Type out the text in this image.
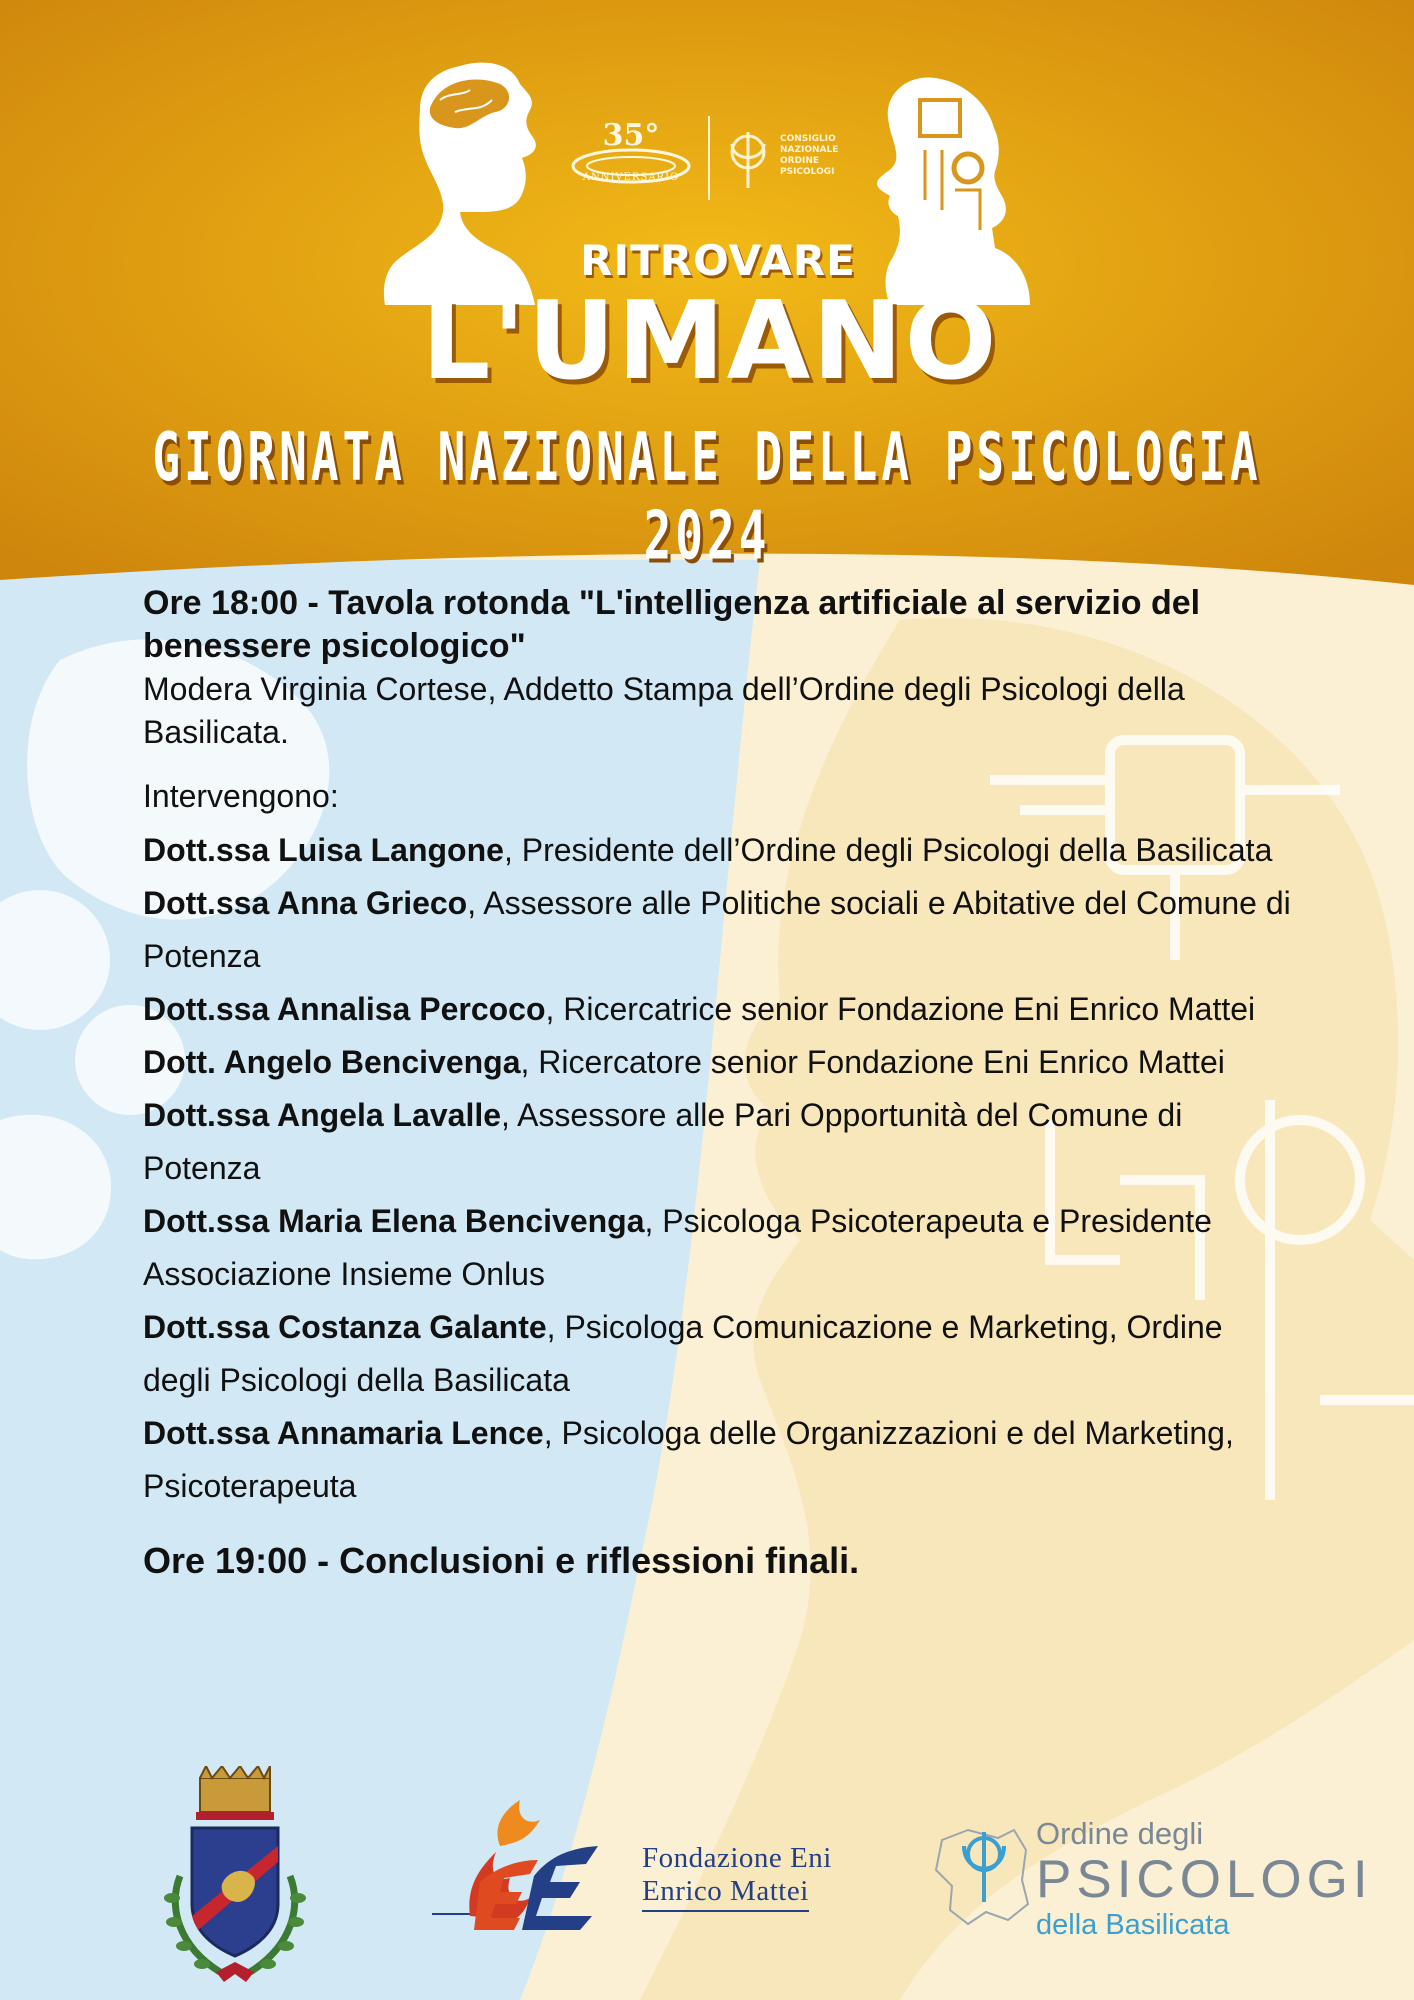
35°
ANNIVERSARIO
CONSIGLIO
NAZIONALE
ORDINE
PSICOLOGI
RITROVARE
L'UMANO
GIORNATA NAZIONALE DELLA PSICOLOGIA 2024

Ore 18:00 - Tavola rotonda "L'intelligenza artificiale al servizio del benessere psicologico"

Modera Virginia Cortese, Addetto Stampa dell’Ordine degli Psicologi della Basilicata.

Intervengono:

Dott.ssa Luisa Langone, Presidente dell’Ordine degli Psicologi della Basilicata

Dott.ssa Anna Grieco, Assessore alle Politiche sociali e Abitative del Comune di Potenza

Dott.ssa Annalisa Percoco, Ricercatrice senior Fondazione Eni Enrico Mattei

Dott. Angelo Bencivenga, Ricercatore senior Fondazione Eni Enrico Mattei

Dott.ssa Angela Lavalle, Assessore alle Pari Opportunità del Comune di Potenza

Dott.ssa Maria Elena Bencivenga, Psicologa Psicoterapeuta e Presidente Associazione Insieme Onlus

Dott.ssa Costanza Galante, Psicologa Comunicazione e Marketing, Ordine degli Psicologi della Basilicata

Dott.ssa Annamaria Lence, Psicologa delle Organizzazioni e del Marketing, Psicoterapeuta

Ore 19:00 - Conclusioni e riflessioni finali.
Fondazione Eni
Enrico Mattei
Ordine degli
PSICOLOGI
della Basilicata
